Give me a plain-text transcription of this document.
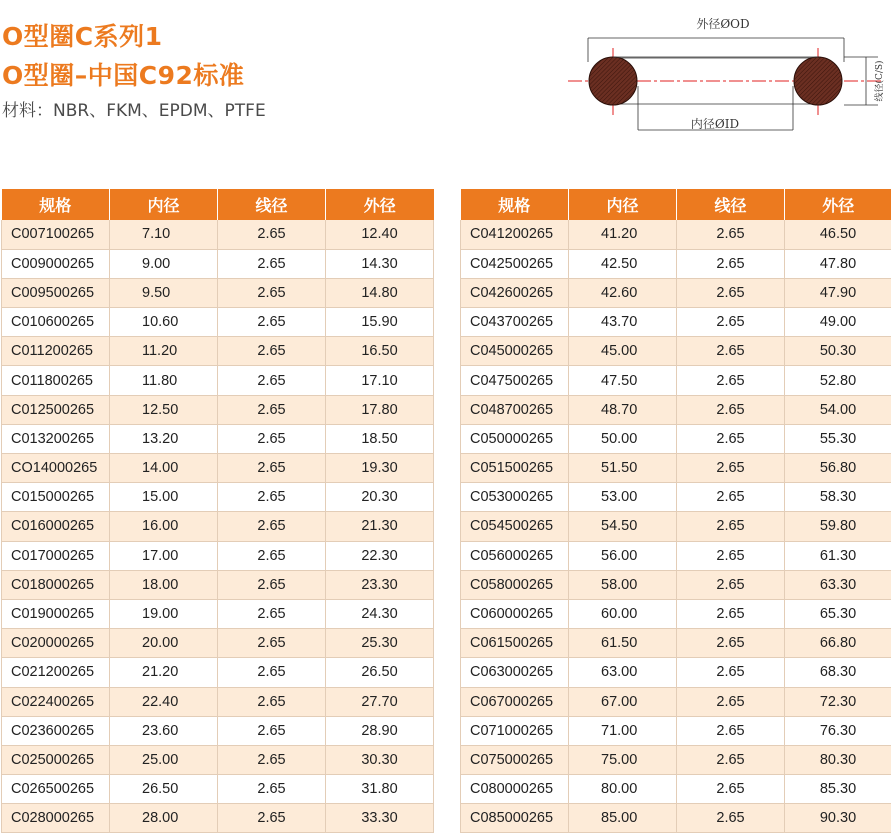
O型圈C系列1
O型圈–中国C92标准
材料：NBR、FKM、EPDM、PTFE
外径ØOD
内径ØID
线径(C/S)
规格	内径	线径	外径
C007100265	7.10	2.65	12.40
C009000265	9.00	2.65	14.30
C009500265	9.50	2.65	14.80
C010600265	10.60	2.65	15.90
C011200265	11.20	2.65	16.50
C011800265	11.80	2.65	17.10
C012500265	12.50	2.65	17.80
C013200265	13.20	2.65	18.50
CO14000265	14.00	2.65	19.30
C015000265	15.00	2.65	20.30
C016000265	16.00	2.65	21.30
C017000265	17.00	2.65	22.30
C018000265	18.00	2.65	23.30
C019000265	19.00	2.65	24.30
C020000265	20.00	2.65	25.30
C021200265	21.20	2.65	26.50
C022400265	22.40	2.65	27.70
C023600265	23.60	2.65	28.90
C025000265	25.00	2.65	30.30
C026500265	26.50	2.65	31.80
C028000265	28.00	2.65	33.30
规格	内径	线径	外径
C041200265	41.20	2.65	46.50
C042500265	42.50	2.65	47.80
C042600265	42.60	2.65	47.90
C043700265	43.70	2.65	49.00
C045000265	45.00	2.65	50.30
C047500265	47.50	2.65	52.80
C048700265	48.70	2.65	54.00
C050000265	50.00	2.65	55.30
C051500265	51.50	2.65	56.80
C053000265	53.00	2.65	58.30
C054500265	54.50	2.65	59.80
C056000265	56.00	2.65	61.30
C058000265	58.00	2.65	63.30
C060000265	60.00	2.65	65.30
C061500265	61.50	2.65	66.80
C063000265	63.00	2.65	68.30
C067000265	67.00	2.65	72.30
C071000265	71.00	2.65	76.30
C075000265	75.00	2.65	80.30
C080000265	80.00	2.65	85.30
C085000265	85.00	2.65	90.30
